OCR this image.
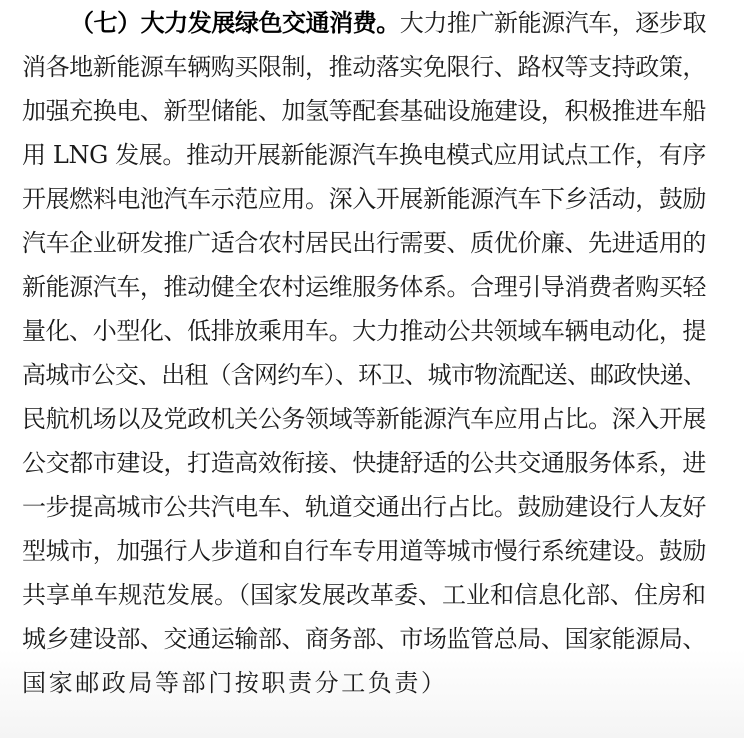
（七）大力发展绿色交通消费。大力推广新能源汽车，逐步取
消各地新能源车辆购买限制，推动落实免限行、路权等支持政策，
加强充换电、新型储能、加氢等配套基础设施建设，积极推进车船
用 LNG 发展。推动开展新能源汽车换电模式应用试点工作，有序
开展燃料电池汽车示范应用。深入开展新能源汽车下乡活动，鼓励
汽车企业研发推广适合农村居民出行需要、质优价廉、先进适用的
新能源汽车，推动健全农村运维服务体系。合理引导消费者购买轻
量化、小型化、低排放乘用车。大力推动公共领域车辆电动化，提
高城市公交、出租（含网约车）、环卫、城市物流配送、邮政快递、
民航机场以及党政机关公务领域等新能源汽车应用占比。深入开展
公交都市建设，打造高效衔接、快捷舒适的公共交通服务体系，进
一步提高城市公共汽电车、轨道交通出行占比。鼓励建设行人友好
型城市，加强行人步道和自行车专用道等城市慢行系统建设。鼓励
共享单车规范发展。（国家发展改革委、工业和信息化部、住房和
城乡建设部、交通运输部、商务部、市场监管总局、国家能源局、
国家邮政局等部门按职责分工负责）
